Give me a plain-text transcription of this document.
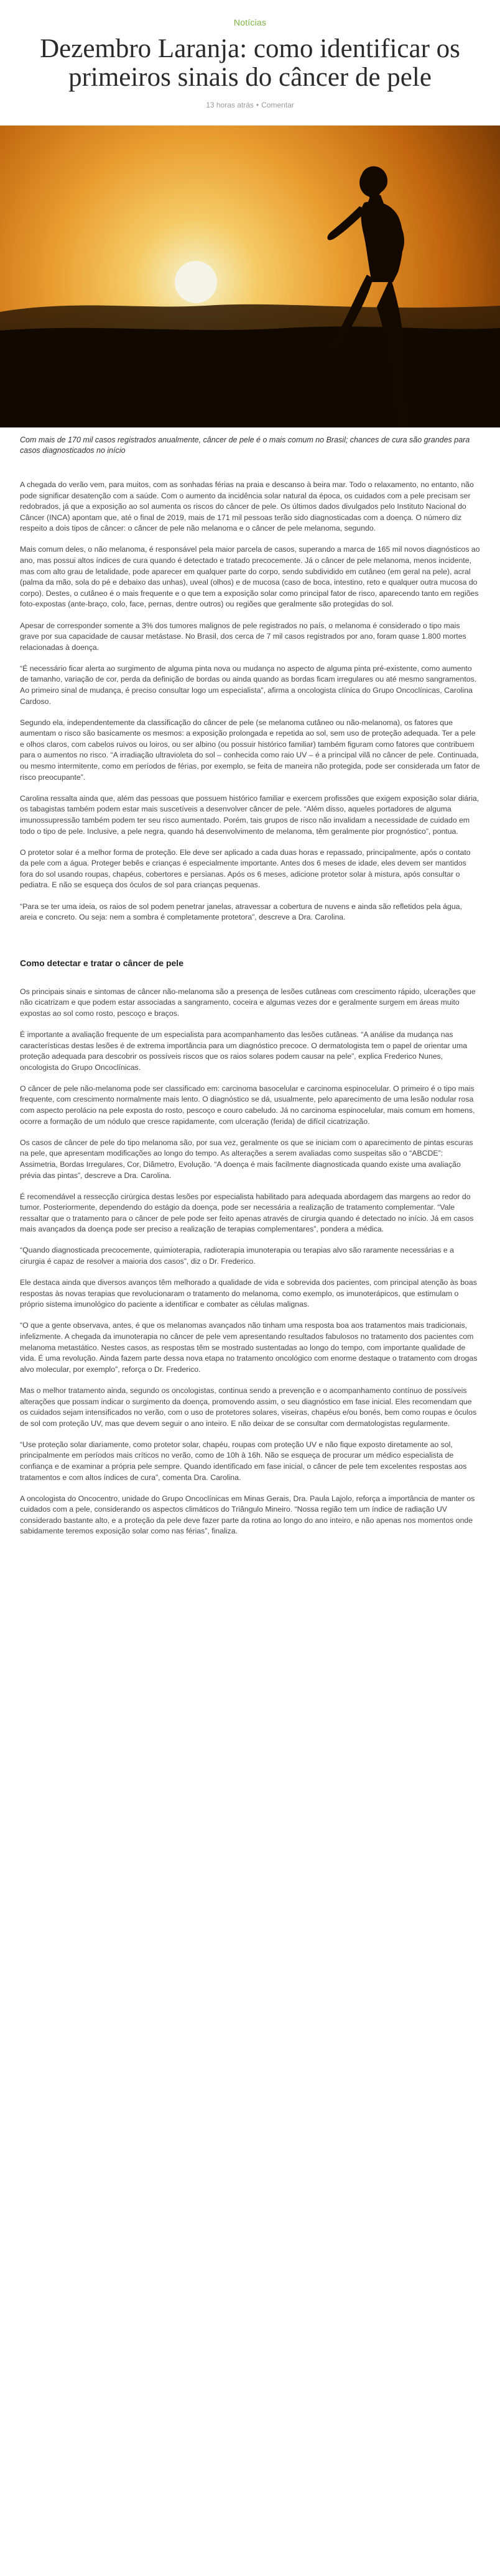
Notícias
Dezembro Laranja: como identificar os primeiros sinais do câncer de pele
13 horas atrás • Comentar

Com mais de 170 mil casos registrados anualmente, câncer de pele é o mais comum no Brasil; chances de cura são grandes para casos diagnosticados no início

A chegada do verão vem, para muitos, com as sonhadas férias na praia e descanso à beira mar. Todo o relaxamento, no entanto, não pode significar desatenção com a saúde. Com o aumento da incidência solar natural da época, os cuidados com a pele precisam ser redobrados, já que a exposição ao sol aumenta os riscos do câncer de pele. Os últimos dados divulgados pelo Instituto Nacional do Câncer (INCA) apontam que, até o final de 2019, mais de 171 mil pessoas terão sido diagnosticadas com a doença. O número diz respeito a dois tipos de câncer: o câncer de pele não melanoma e o câncer de pele melanoma, segundo.

Mais comum deles, o não melanoma, é responsável pela maior parcela de casos, superando a marca de 165 mil novos diagnósticos ao ano, mas possui altos índices de cura quando é detectado e tratado precocemente. Já o câncer de pele melanoma, menos incidente, mas com alto grau de letalidade, pode aparecer em qualquer parte do corpo, sendo subdividido em cutâneo (em geral na pele), acral (palma da mão, sola do pé e debaixo das unhas), uveal (olhos) e de mucosa (caso de boca, intestino, reto e qualquer outra mucosa do corpo). Destes, o cutâneo é o mais frequente e o que tem a exposição solar como principal fator de risco, aparecendo tanto em regiões foto-expostas (ante-braço, colo, face, pernas, dentre outros) ou regiões que geralmente são protegidas do sol.

Apesar de corresponder somente a 3% dos tumores malignos de pele registrados no país, o melanoma é considerado o tipo mais grave por sua capacidade de causar metástase. No Brasil, dos cerca de 7 mil casos registrados por ano, foram quase 1.800 mortes relacionadas à doença.

“É necessário ficar alerta ao surgimento de alguma pinta nova ou mudança no aspecto de alguma pinta pré-existente, como aumento de tamanho, variação de cor, perda da definição de bordas ou ainda quando as bordas ficam irregulares ou até mesmo sangramentos. Ao primeiro sinal de mudança, é preciso consultar logo um especialista”, afirma a oncologista clínica do Grupo Oncoclínicas, Carolina Cardoso.

Segundo ela, independentemente da classificação do câncer de pele (se melanoma cutâneo ou não-melanoma), os fatores que aumentam o risco são basicamente os mesmos: a exposição prolongada e repetida ao sol, sem uso de proteção adequada. Ter a pele e olhos claros, com cabelos ruivos ou loiros, ou ser albino (ou possuir histórico familiar) também figuram como fatores que contribuem para o aumentos no risco. “A irradiação ultravioleta do sol – conhecida como raio UV – é a principal vilã no câncer de pele. Continuada, ou mesmo intermitente, como em períodos de férias, por exemplo, se feita de maneira não protegida, pode ser considerada um fator de risco preocupante”.

Carolina ressalta ainda que, além das pessoas que possuem histórico familiar e exercem profissões que exigem exposição solar diária, os tabagistas também podem estar mais suscetíveis a desenvolver câncer de pele. “Além disso, aqueles portadores de alguma imunossupressão também podem ter seu risco aumentado. Porém, tais grupos de risco não invalidam a necessidade de cuidado em todo o tipo de pele. Inclusive, a pele negra, quando há desenvolvimento de melanoma, têm geralmente pior prognóstico”, pontua.

O protetor solar é a melhor forma de proteção. Ele deve ser aplicado a cada duas horas e repassado, principalmente, após o contato da pele com a água. Proteger bebês e crianças é especialmente importante. Antes dos 6 meses de idade, eles devem ser mantidos fora do sol usando roupas, chapéus, cobertores e persianas. Após os 6 meses, adicione protetor solar à mistura, após consultar o pediatra. E não se esqueça dos óculos de sol para crianças pequenas.

“Para se ter uma ideia, os raios de sol podem penetrar janelas, atravessar a cobertura de nuvens e ainda são refletidos pela água, areia e concreto. Ou seja: nem a sombra é completamente protetora”, descreve a Dra. Carolina.

Como detectar e tratar o câncer de pele

Os principais sinais e sintomas de câncer não-melanoma são a presença de lesões cutâneas com crescimento rápido, ulcerações que não cicatrizam e que podem estar associadas a sangramento, coceira e algumas vezes dor e geralmente surgem em áreas muito expostas ao sol como rosto, pescoço e braços.

É importante a avaliação frequente de um especialista para acompanhamento das lesões cutâneas. “A análise da mudança nas características destas lesões é de extrema importância para um diagnóstico precoce. O dermatologista tem o papel de orientar uma proteção adequada para descobrir os possíveis riscos que os raios solares podem causar na pele”, explica Frederico Nunes, oncologista do Grupo Oncoclínicas.

O câncer de pele não-melanoma pode ser classificado em: carcinoma basocelular e carcinoma espinocelular. O primeiro é o tipo mais frequente, com crescimento normalmente mais lento. O diagnóstico se dá, usualmente, pelo aparecimento de uma lesão nodular rosa com aspecto perolácio na pele exposta do rosto, pescoço e couro cabeludo. Já no carcinoma espinocelular, mais comum em homens, ocorre a formação de um nódulo que cresce rapidamente, com ulceração (ferida) de difícil cicatrização.

Os casos de câncer de pele do tipo melanoma são, por sua vez, geralmente os que se iniciam com o aparecimento de pintas escuras na pele, que apresentam modificações ao longo do tempo. As alterações a serem avaliadas como suspeitas são o “ABCDE”: Assimetria, Bordas Irregulares, Cor, Diâmetro, Evolução. “A doença é mais facilmente diagnosticada quando existe uma avaliação prévia das pintas”, descreve a Dra. Carolina.

É recomendável a ressecção cirúrgica destas lesões por especialista habilitado para adequada abordagem das margens ao redor do tumor. Posteriormente, dependendo do estágio da doença, pode ser necessária a realização de tratamento complementar. “Vale ressaltar que o tratamento para o câncer de pele pode ser feito apenas através de cirurgia quando é detectado no início. Já em casos mais avançados da doença pode ser preciso a realização de terapias complementares”, pondera a médica.

“Quando diagnosticada precocemente, quimioterapia, radioterapia imunoterapia ou terapias alvo são raramente necessárias e a cirurgia é capaz de resolver a maioria dos casos”, diz o Dr. Frederico.

Ele destaca ainda que diversos avanços têm melhorado a qualidade de vida e sobrevida dos pacientes, com principal atenção às boas respostas às novas terapias que revolucionaram o tratamento do melanoma, como exemplo, os imunoterápicos, que estimulam o próprio sistema imunológico do paciente a identificar e combater as células malignas.

“O que a gente observava, antes, é que os melanomas avançados não tinham uma resposta boa aos tratamentos mais tradicionais, infelizmente. A chegada da imunoterapia no câncer de pele vem apresentando resultados fabulosos no tratamento dos pacientes com melanoma metastático. Nestes casos, as respostas têm se mostrado sustentadas ao longo do tempo, com importante qualidade de vida. É uma revolução. Ainda fazem parte dessa nova etapa no tratamento oncológico com enorme destaque o tratamento com drogas alvo molecular, por exemplo”, reforça o Dr. Frederico.

Mas o melhor tratamento ainda, segundo os oncologistas, continua sendo a prevenção e o acompanhamento contínuo de possíveis alterações que possam indicar o surgimento da doença, promovendo assim, o seu diagnóstico em fase inicial. Eles recomendam que os cuidados sejam intensificados no verão, com o uso de protetores solares, viseiras, chapéus e/ou bonés, bem como roupas e óculos de sol com proteção UV, mas que devem seguir o ano inteiro. E não deixar de se consultar com dermatologistas regularmente.

“Use proteção solar diariamente, como protetor solar, chapéu, roupas com proteção UV e não fique exposto diretamente ao sol, principalmente em períodos mais críticos no verão, como de 10h à 16h. Não se esqueça de procurar um médico especialista de confiança e de examinar a própria pele sempre. Quando identificado em fase inicial, o câncer de pele tem excelentes respostas aos tratamentos e com altos índices de cura”, comenta Dra. Carolina.

A oncologista do Oncocentro, unidade do Grupo Oncoclínicas em Minas Gerais, Dra. Paula Lajolo, reforça a importância de manter os cuidados com a pele, considerando os aspectos climáticos do Triângulo Mineiro. “Nossa região tem um índice de radiação UV considerado bastante alto, e a proteção da pele deve fazer parte da rotina ao longo do ano inteiro, e não apenas nos momentos onde sabidamente teremos exposição solar como nas férias”, finaliza.
